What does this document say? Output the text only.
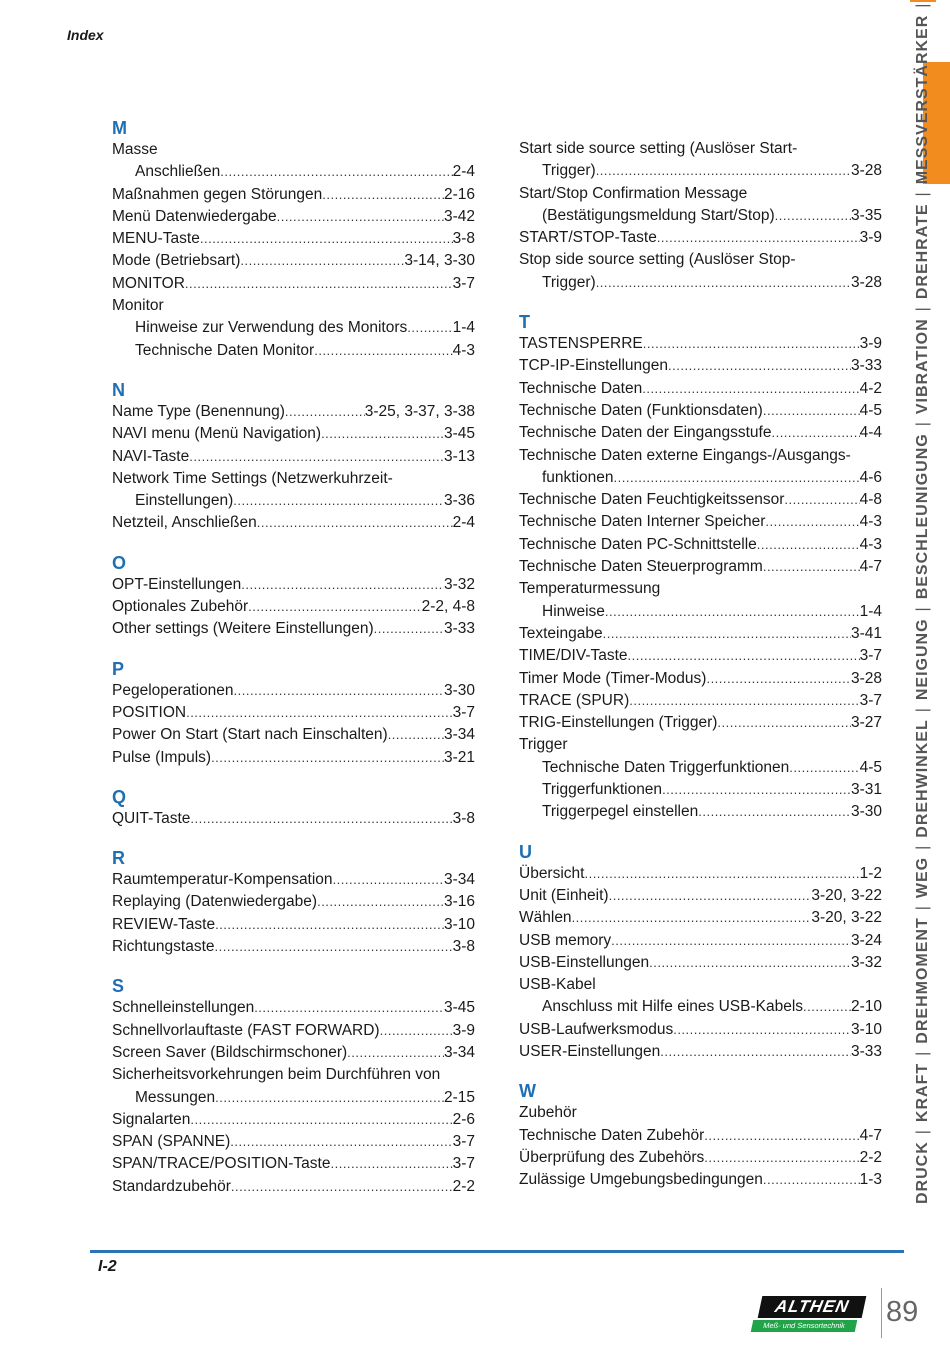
Index
M
Masse
Anschließen .....	2-4
Maßnahmen gegen Störungen .....	2-16
Menü Datenwiedergabe .....	3-42
MENU-Taste .....	3-8
Mode (Betriebsart) .....	3-14, 3-30
MONITOR .....	3-7
Monitor
Hinweise zur Verwendung des Monitors .....	1-4
Technische Daten Monitor .....	4-3
N
Name Type (Benennung) .....	3-25, 3-37, 3-38
NAVI menu (Menü Navigation) .....	3-45
NAVI-Taste .....	3-13
Network Time Settings (Netzwerkuhrzeit-
Einstellungen) .....	3-36
Netzteil, Anschließen .....	2-4
O
OPT-Einstellungen .....	3-32
Optionales Zubehör .....	2-2, 4-8
Other settings (Weitere Einstellungen) .....	3-33
P
Pegeloperationen .....	3-30
POSITION .....	3-7
Power On Start (Start nach Einschalten) .....	3-34
Pulse (Impuls) .....	3-21
Q
QUIT-Taste .....	3-8
R
Raumtemperatur-Kompensation .....	3-34
Replaying (Datenwiedergabe) .....	3-16
REVIEW-Taste .....	3-10
Richtungstaste .....	3-8
S
Schnelleinstellungen .....	3-45
Schnellvorlauftaste (FAST FORWARD) .....	3-9
Screen Saver (Bildschirmschoner) .....	3-34
Sicherheitsvorkehrungen beim Durchführen von
Messungen .....	2-15
Signalarten .....	2-6
SPAN (SPANNE) .....	3-7
SPAN/TRACE/POSITION-Taste .....	3-7
Standardzubehör .....	2-2
Start side source setting (Auslöser Start-
Trigger) .....	3-28
Start/Stop Confirmation Message
(Bestätigungsmeldung Start/Stop) .....	3-35
START/STOP-Taste .....	3-9
Stop side source setting (Auslöser Stop-
Trigger) .....	3-28
T
TASTENSPERRE .....	3-9
TCP-IP-Einstellungen .....	3-33
Technische Daten .....	4-2
Technische Daten (Funktionsdaten) .....	4-5
Technische Daten der Eingangsstufe .....	4-4
Technische Daten externe Eingangs-/Ausgangs-
funktionen .....	4-6
Technische Daten Feuchtigkeitssensor .....	4-8
Technische Daten Interner Speicher .....	4-3
Technische Daten PC-Schnittstelle .....	4-3
Technische Daten Steuerprogramm .....	4-7
Temperaturmessung
Hinweise .....	1-4
Texteingabe .....	3-41
TIME/DIV-Taste .....	3-7
Timer Mode (Timer-Modus) .....	3-28
TRACE (SPUR) .....	3-7
TRIG-Einstellungen (Trigger) .....	3-27
Trigger
Technische Daten Triggerfunktionen .....	4-5
Triggerfunktionen .....	3-31
Triggerpegel einstellen .....	3-30
U
Übersicht .....	1-2
Unit (Einheit) .....	3-20, 3-22
Wählen .....	3-20, 3-22
USB memory .....	3-24
USB-Einstellungen .....	3-32
USB-Kabel
Anschluss mit Hilfe eines USB-Kabels .....	2-10
USB-Laufwerksmodus .....	3-10
USER-Einstellungen .....	3-33
W
Zubehör
Technische Daten Zubehör .....	4-7
Überprüfung des Zubehörs .....	2-2
Zulässige Umgebungsbedingungen .....	1-3 DRUCK
|
KRAFT
|
DREHMOMENT
|
WEG
|
DREHWINKEL
|
NEIGUNG
|
BESCHLEUNIGUNG
|
VIBRATION
|
DREHRATE
|
MESSVERSTÄRKER
|
I-2
ALTHEN
Meß- und Sensortechnik	89
